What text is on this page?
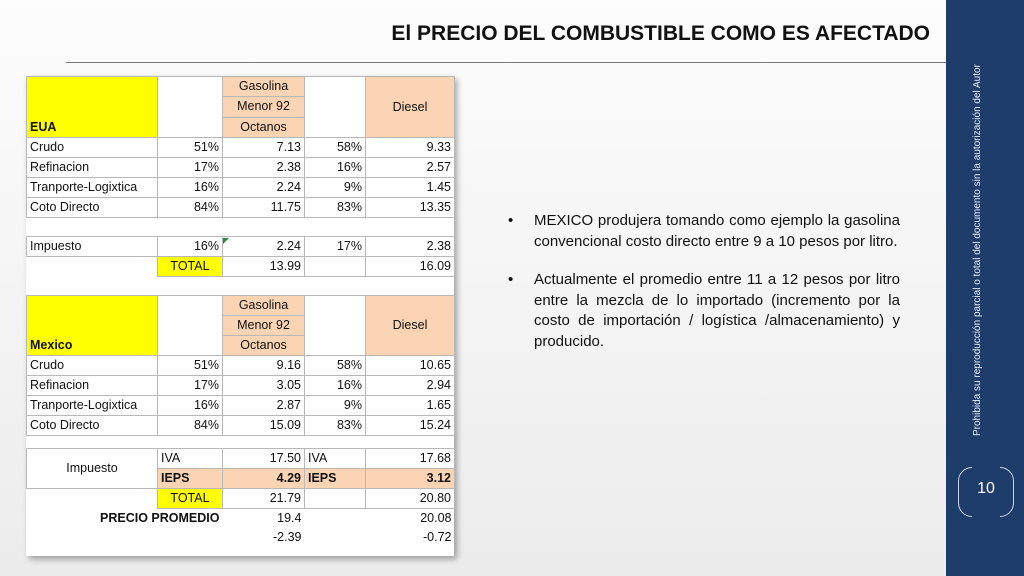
El PRECIO DEL COMBUSTIBLE COMO ES AFECTADO
Prohibida su reproducción parcial o total del documento sin la autorización del Autor
10
EUA		Gasolina		Diesel
		Menor 92		
		Octanos		
Crudo	51%	7.13	58%	9.33
Refinacion	17%	2.38	16%	2.57
Tranporte-Logixtica	16%	2.24	9%	1.45
Coto Directo	84%	11.75	83%	13.35

Impuesto	16%	2.24	17%	2.38
	TOTAL	13.99		16.09

Mexico		Gasolina		Diesel
		Menor 92		
		Octanos		
Crudo	51%	9.16	58%	10.65
Refinacion	17%	3.05	16%	2.94
Tranporte-Logixtica	16%	2.87	9%	1.65
Coto Directo	84%	15.09	83%	15.24

Impuesto	IVA	17.50	IVA	17.68
	IEPS	4.29	IEPS	3.12
	TOTAL	21.79		20.80
PRECIO PROMEDIO		19.4		20.08
		-2.39		-0.72
• MEXICO produjera tomando como ejemplo la gasolina convencional costo directo entre 9 a 10 pesos por litro.
• Actualmente el promedio entre 11 a 12 pesos por litro entre la mezcla de lo importado (incremento por la costo de importación / logística /almacenamiento) y producido.
